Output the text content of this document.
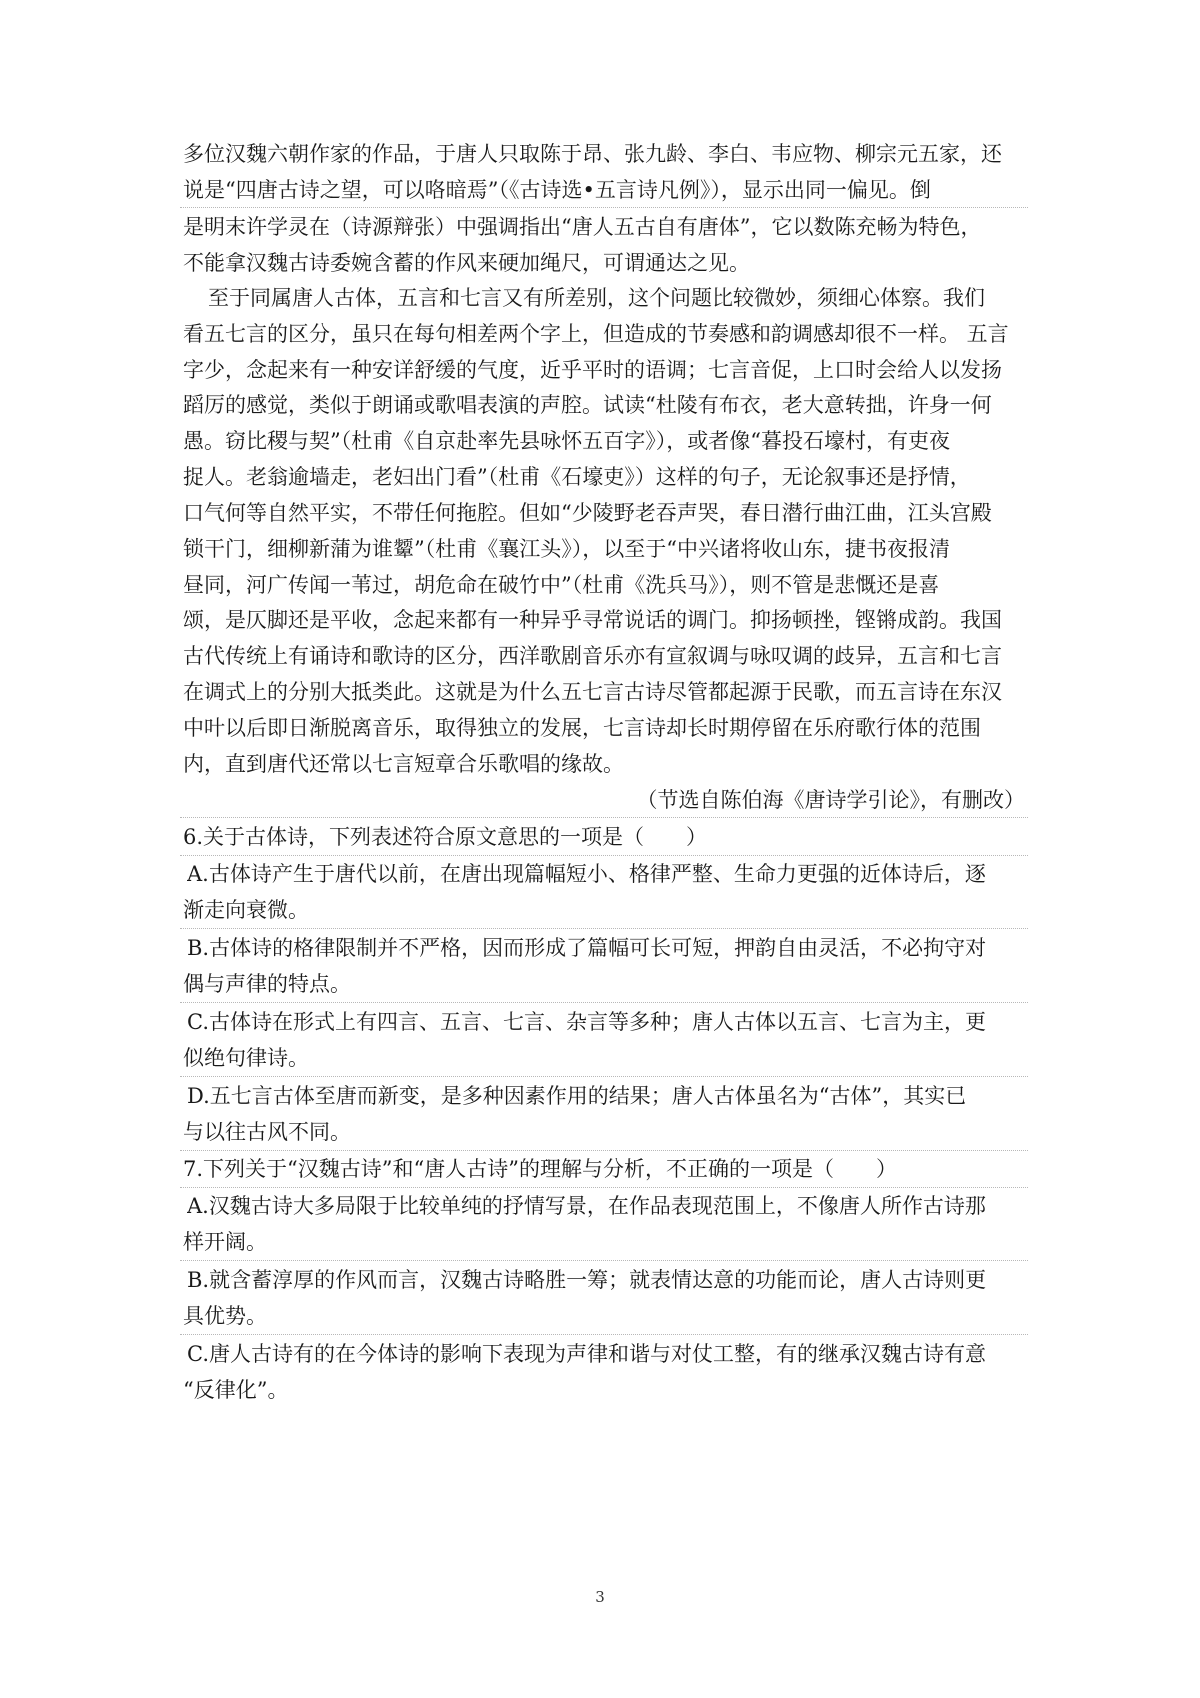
多位汉魏六朝作家的作品，于唐人只取陈于昂、张九龄、李白、韦应物、柳宗元五家，还
说是“四唐古诗之望，可以咯暗焉”（《古诗选•五言诗凡例》），显示出同一偏见。倒
是明末许学灵在（诗源辩张）中强调指出“唐人五古自有唐体”，它以数陈充畅为特色，
不能拿汉魏古诗委婉含蓄的作风来硬加绳尺，可谓通达之见。
至于同属唐人古体，五言和七言又有所差别，这个问题比较微妙，须细心体察。我们
看五七言的区分，虽只在每句相差两个字上，但造成的节奏感和韵调感却很不一样。 五言
字少，念起来有一种安详舒缓的气度，近乎平时的语调；七言音促，上口时会给人以发扬
蹈厉的感觉，类似于朗诵或歌唱表演的声腔。试读“杜陵有布衣，老大意转拙，许身一何
愚。窃比稷与契”（杜甫《自京赴率先县咏怀五百字》），或者像“暮投石壕村，有吏夜
捉人。老翁逾墙走，老妇出门看”（杜甫《石壕吏》）这样的句子，无论叙事还是抒情，
口气何等自然平实，不带任何拖腔。但如“少陵野老吞声哭，春日潜行曲江曲，江头宫殿
锁干门，细柳新蒲为谁颦”（杜甫《襄江头》），以至于“中兴诸将收山东，捷书夜报清
昼同，河广传闻一苇过，胡危命在破竹中”（杜甫《洗兵马》），则不管是悲慨还是喜
颂，是仄脚还是平收，念起来都有一种异乎寻常说话的调门。抑扬顿挫，铿锵成韵。我国
古代传统上有诵诗和歌诗的区分，西洋歌剧音乐亦有宣叙调与咏叹调的歧异，五言和七言
在调式上的分别大抵类此。这就是为什么五七言古诗尽管都起源于民歌，而五言诗在东汉
中叶以后即日渐脱离音乐，取得独立的发展，七言诗却长时期停留在乐府歌行体的范围
内，直到唐代还常以七言短章合乐歌唱的缘故。
（节选自陈伯海《唐诗学引论》，有删改）
6.关于古体诗，下列表述符合原文意思的一项是（　　）
A.古体诗产生于唐代以前，在唐出现篇幅短小、格律严整、生命力更强的近体诗后，逐
渐走向衰微。
B.古体诗的格律限制并不严格，因而形成了篇幅可长可短，押韵自由灵活，不必拘守对
偶与声律的特点。
C.古体诗在形式上有四言、五言、七言、杂言等多种；唐人古体以五言、七言为主，更
似绝句律诗。
D.五七言古体至唐而新变，是多种因素作用的结果；唐人古体虽名为“古体”，其实已
与以往古风不同。
7.下列关于“汉魏古诗”和“唐人古诗”的理解与分析，不正确的一项是（　　）
A.汉魏古诗大多局限于比较单纯的抒情写景，在作品表现范围上，不像唐人所作古诗那
样开阔。
B.就含蓄淳厚的作风而言，汉魏古诗略胜一筹；就表情达意的功能而论，唐人古诗则更
具优势。
C.唐人古诗有的在今体诗的影响下表现为声律和谐与对仗工整，有的继承汉魏古诗有意
“反律化”。
3
